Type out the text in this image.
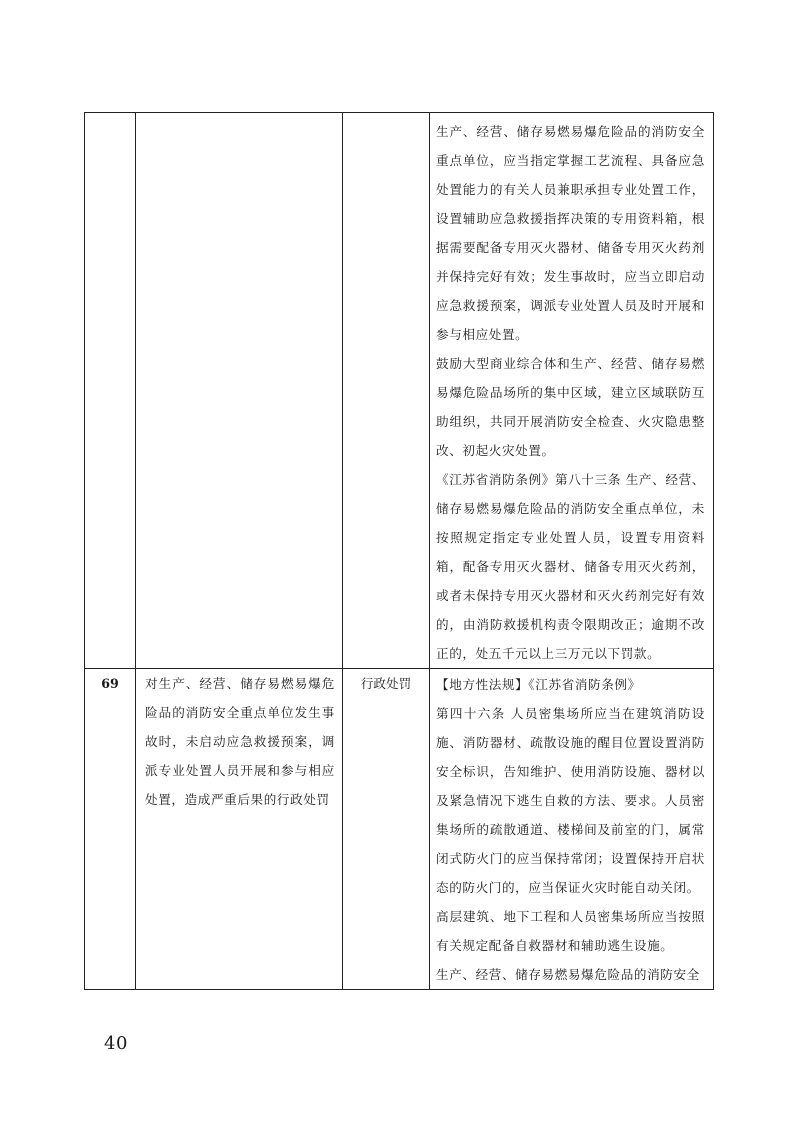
			生产、经营、储存易燃易爆危险品的消防安全重点单位，应当指定掌握工艺流程、具备应急处置能力的有关人员兼职承担专业处置工作，设置辅助应急救援指挥决策的专用资料箱，根据需要配备专用灭火器材、储备专用灭火药剂并保持完好有效；发生事故时，应当立即启动应急救援预案，调派专业处置人员及时开展和参与相应处置。
鼓励大型商业综合体和生产、经营、储存易燃易爆危险品场所的集中区域，建立区域联防互助组织，共同开展消防安全检查、火灾隐患整改、初起火灾处置。
《江苏省消防条例》第八十三条 生产、经营、储存易燃易爆危险品的消防安全重点单位，未按照规定指定专业处置人员，设置专用资料箱，配备专用灭火器材、储备专用灭火药剂，或者未保持专用灭火器材和灭火药剂完好有效的，由消防救援机构责令限期改正；逾期不改正的，处五千元以上三万元以下罚款。

69	对生产、经营、储存易燃易爆危险品的消防安全重点单位发生事故时，未启动应急救援预案，调派专业处置人员开展和参与相应处置，造成严重后果的行政处罚	行政处罚	【地方性法规】《江苏省消防条例》
第四十六条 人员密集场所应当在建筑消防设施、消防器材、疏散设施的醒目位置设置消防安全标识，告知维护、使用消防设施、器材以及紧急情况下逃生自救的方法、要求。人员密集场所的疏散通道、楼梯间及前室的门，属常闭式防火门的应当保持常闭；设置保持开启状态的防火门的，应当保证火灾时能自动关闭。
高层建筑、地下工程和人员密集场所应当按照有关规定配备自救器材和辅助逃生设施。
生产、经营、储存易燃易爆危险品的消防安全
40
